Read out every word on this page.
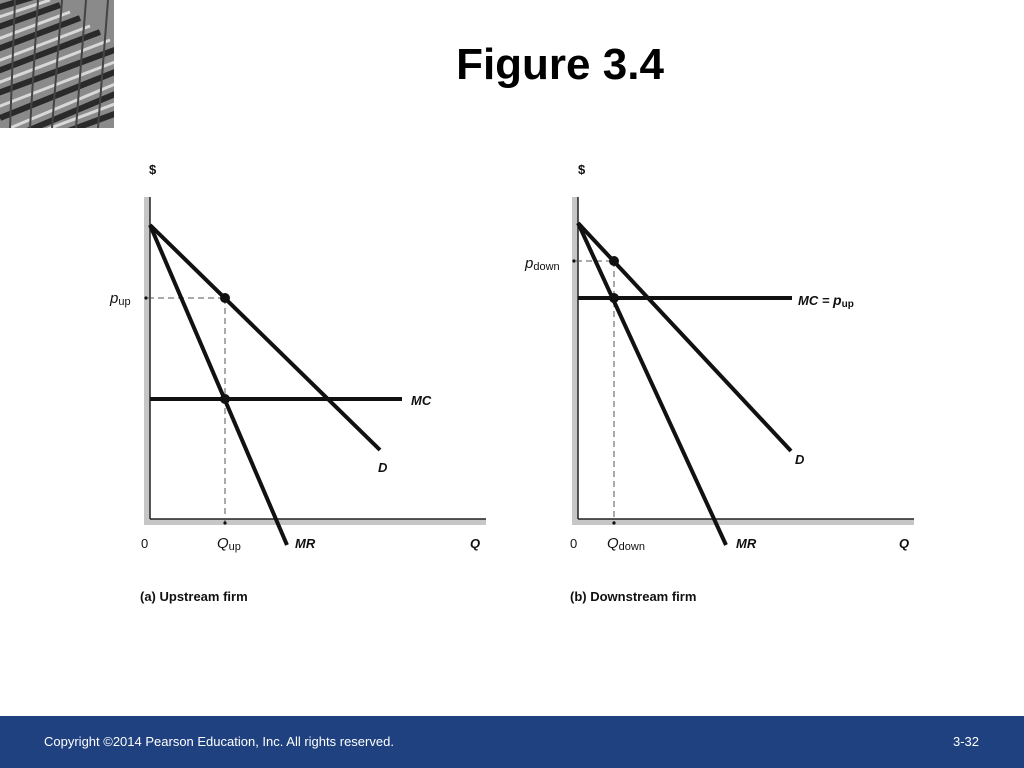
Figure 3.4
$
pup
MC
D
0	Qup	MR	Q
(a) Upstream firm
$
pdown
MC = pup
D
0 Qdown	MR	Q
(b) Downstream firm
Copyright ©2014 Pearson Education, Inc. All rights reserved.	3-32
